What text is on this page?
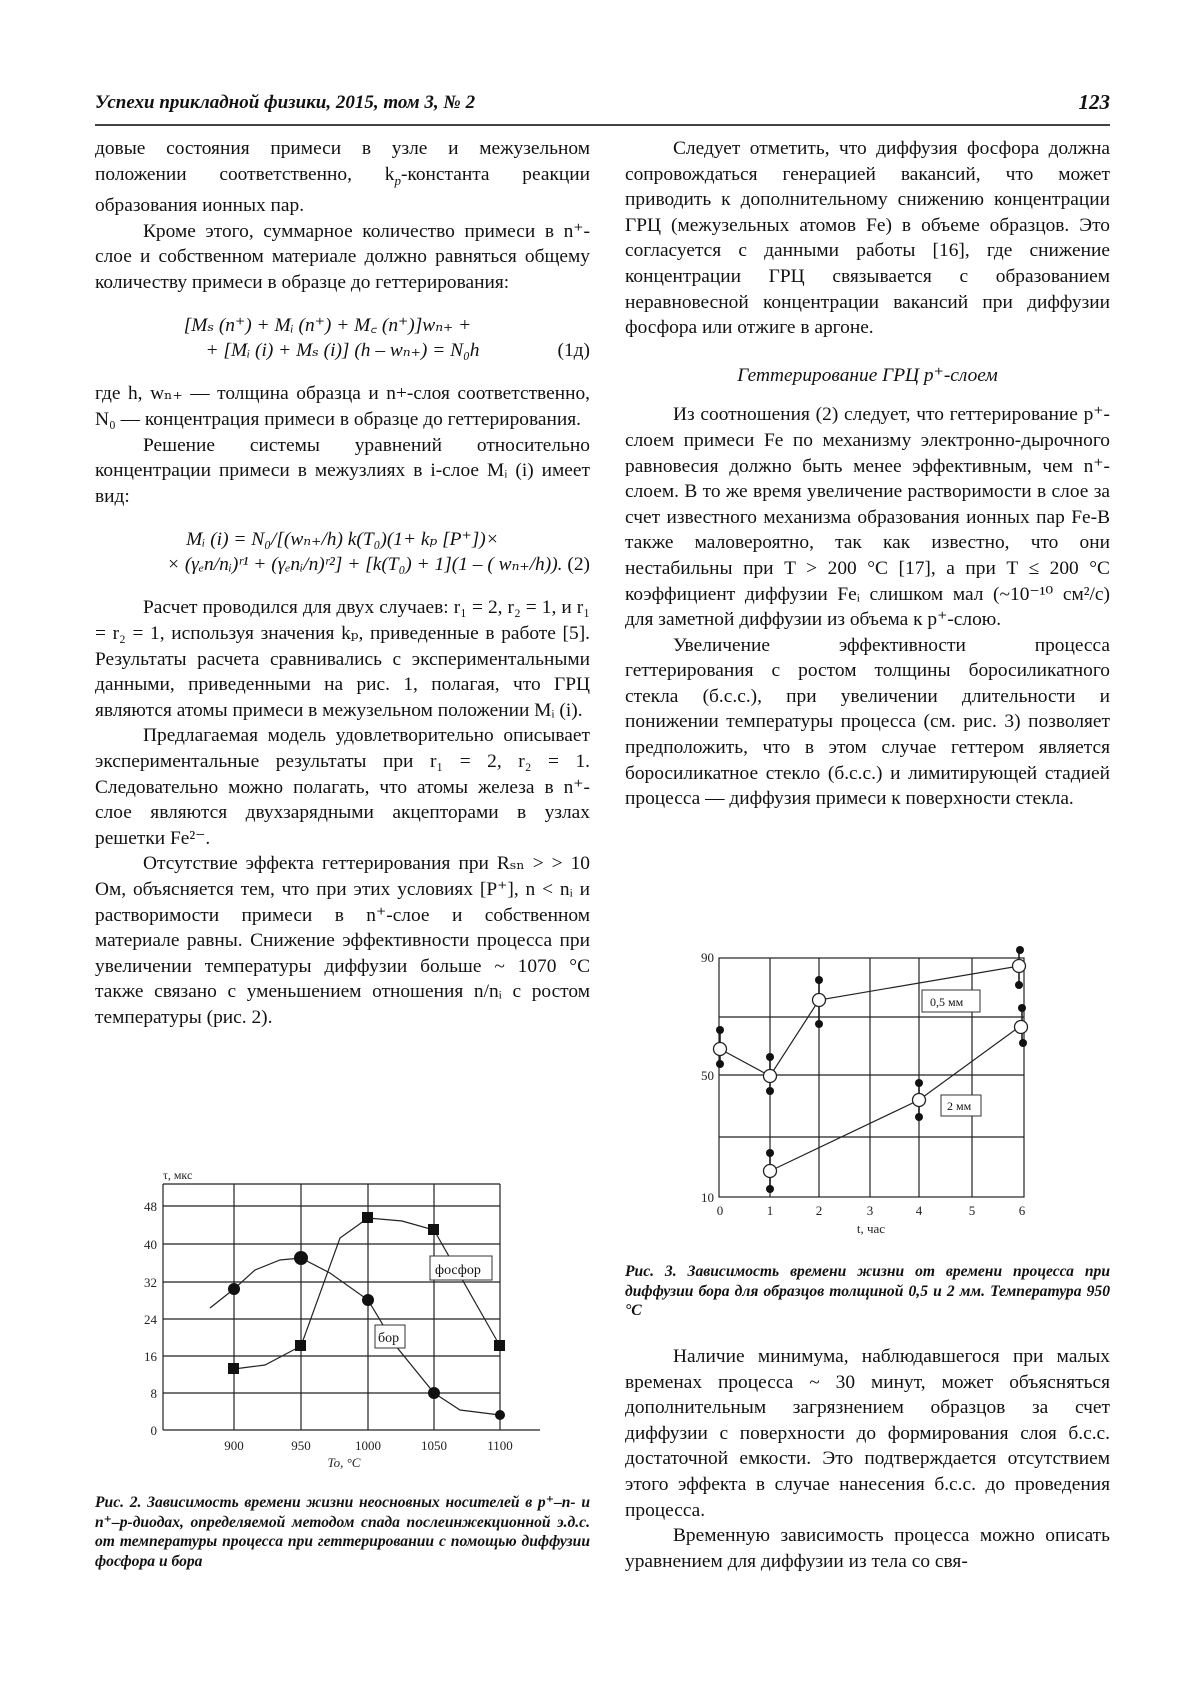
Успехи прикладной физики, 2015, том 3, № 2	123

довые состояния примеси в узле и межузельном положении соответственно, $k_p$-константа реакции образования ионных пар.

Кроме этого, суммарное количество примеси в n⁺-слое и собственном материале должно равняться общему количеству примеси в образце до геттерирования:

[Mₛ (n⁺) + Mᵢ (n⁺) + M꜀ (n⁺)]wₙ₊ +
+ [Mᵢ (i) + Mₛ (i)] (h – wₙ₊) = N₀h	(1д)

где h, wₙ₊ — толщина образца и n+-слоя соответственно, N₀ — концентрация примеси в образце до геттерирования.

Решение системы уравнений относительно концентрации примеси в межузлиях в i-слое Mᵢ (i) имеет вид:

Mᵢ (i) = N₀/[(wₙ₊/h) k(T₀)(1+ kₚ [P⁺])×
× (γₑn/nᵢ)ʳ¹ + (γₑnᵢ/n)ʳ²] + [k(T₀) + 1](1 – ( wₙ₊/h)). (2)

Расчет проводился для двух случаев: r₁ = 2, r₂ = 1, и r₁ = r₂ = 1, используя значения kₚ, приведенные в работе [5]. Результаты расчета сравнивались с экспериментальными данными, приведенными на рис. 1, полагая, что ГРЦ являются атомы примеси в межузельном положении Mᵢ (i).

Предлагаемая модель удовлетворительно описывает экспериментальные результаты при r₁ = 2, r₂ = 1. Следовательно можно полагать, что атомы железа в n⁺-слое являются двухзарядными акцепторами в узлах решетки Fe²⁻.

Отсутствие эффекта геттерирования при Rₛₙ > > 10 Ом, объясняется тем, что при этих условиях [P⁺], n < nᵢ и растворимости примеси в n⁺-слое и собственном материале равны. Снижение эффективности процесса при увеличении температуры диффузии больше ~ 1070 °С также связано с уменьшением отношения n/nᵢ с ростом температуры (рис. 2).

фосфор
бор
0
8
16
24
32
40
48
τ, мкс
900	950	1000	1050	1100
To, °C

Рис. 2. Зависимость времени жизни неосновных носителей в p⁺–n- и n⁺–p-диодах, определяемой методом спада послеинжекционной э.д.с. от температуры процесса при геттерировании с помощью диффузии фосфора и бора

Следует отметить, что диффузия фосфора должна сопровождаться генерацией вакансий, что может приводить к дополнительному снижению концентрации ГРЦ (межузельных атомов Fe) в объеме образцов. Это согласуется с данными работы [16], где снижение концентрации ГРЦ связывается с образованием неравновесной концентрации вакансий при диффузии фосфора или отжиге в аргоне.

Геттерирование ГРЦ p⁺-слоем

Из соотношения (2) следует, что геттерирование p⁺-слоем примеси Fe по механизму электронно-дырочного равновесия должно быть менее эффективным, чем n⁺-слоем. В то же время увеличение растворимости в слое за счет известного механизма образования ионных пар Fe-B также маловероятно, так как известно, что они нестабильны при T > 200 °С [17], а при T ≤ 200 °С коэффициент диффузии Feᵢ слишком мал (~10⁻¹⁰ см²/с) для заметной диффузии из объема к p⁺-слою.

Увеличение эффективности процесса геттерирования с ростом толщины боросиликатного стекла (б.с.с.), при увеличении длительности и понижении температуры процесса (см. рис. 3) позволяет предположить, что в этом случае геттером является боросиликатное стекло (б.с.с.) и лимитирующей стадией процесса — диффузия примеси к поверхности стекла.

0,5 мм
2 мм
90
50
10
0	1	2	3	4	5	6
t, час

Рис. 3. Зависимость времени жизни от времени процесса при диффузии бора для образцов толщиной 0,5 и 2 мм. Температура 950 °С

Наличие минимума, наблюдавшегося при малых временах процесса ~ 30 минут, может объясняться дополнительным загрязнением образцов за счет диффузии с поверхности до формирования слоя б.с.с. достаточной емкости. Это подтверждается отсутствием этого эффекта в случае нанесения б.с.с. до проведения процесса.

Временную зависимость процесса можно описать уравнением для диффузии из тела со свя-
